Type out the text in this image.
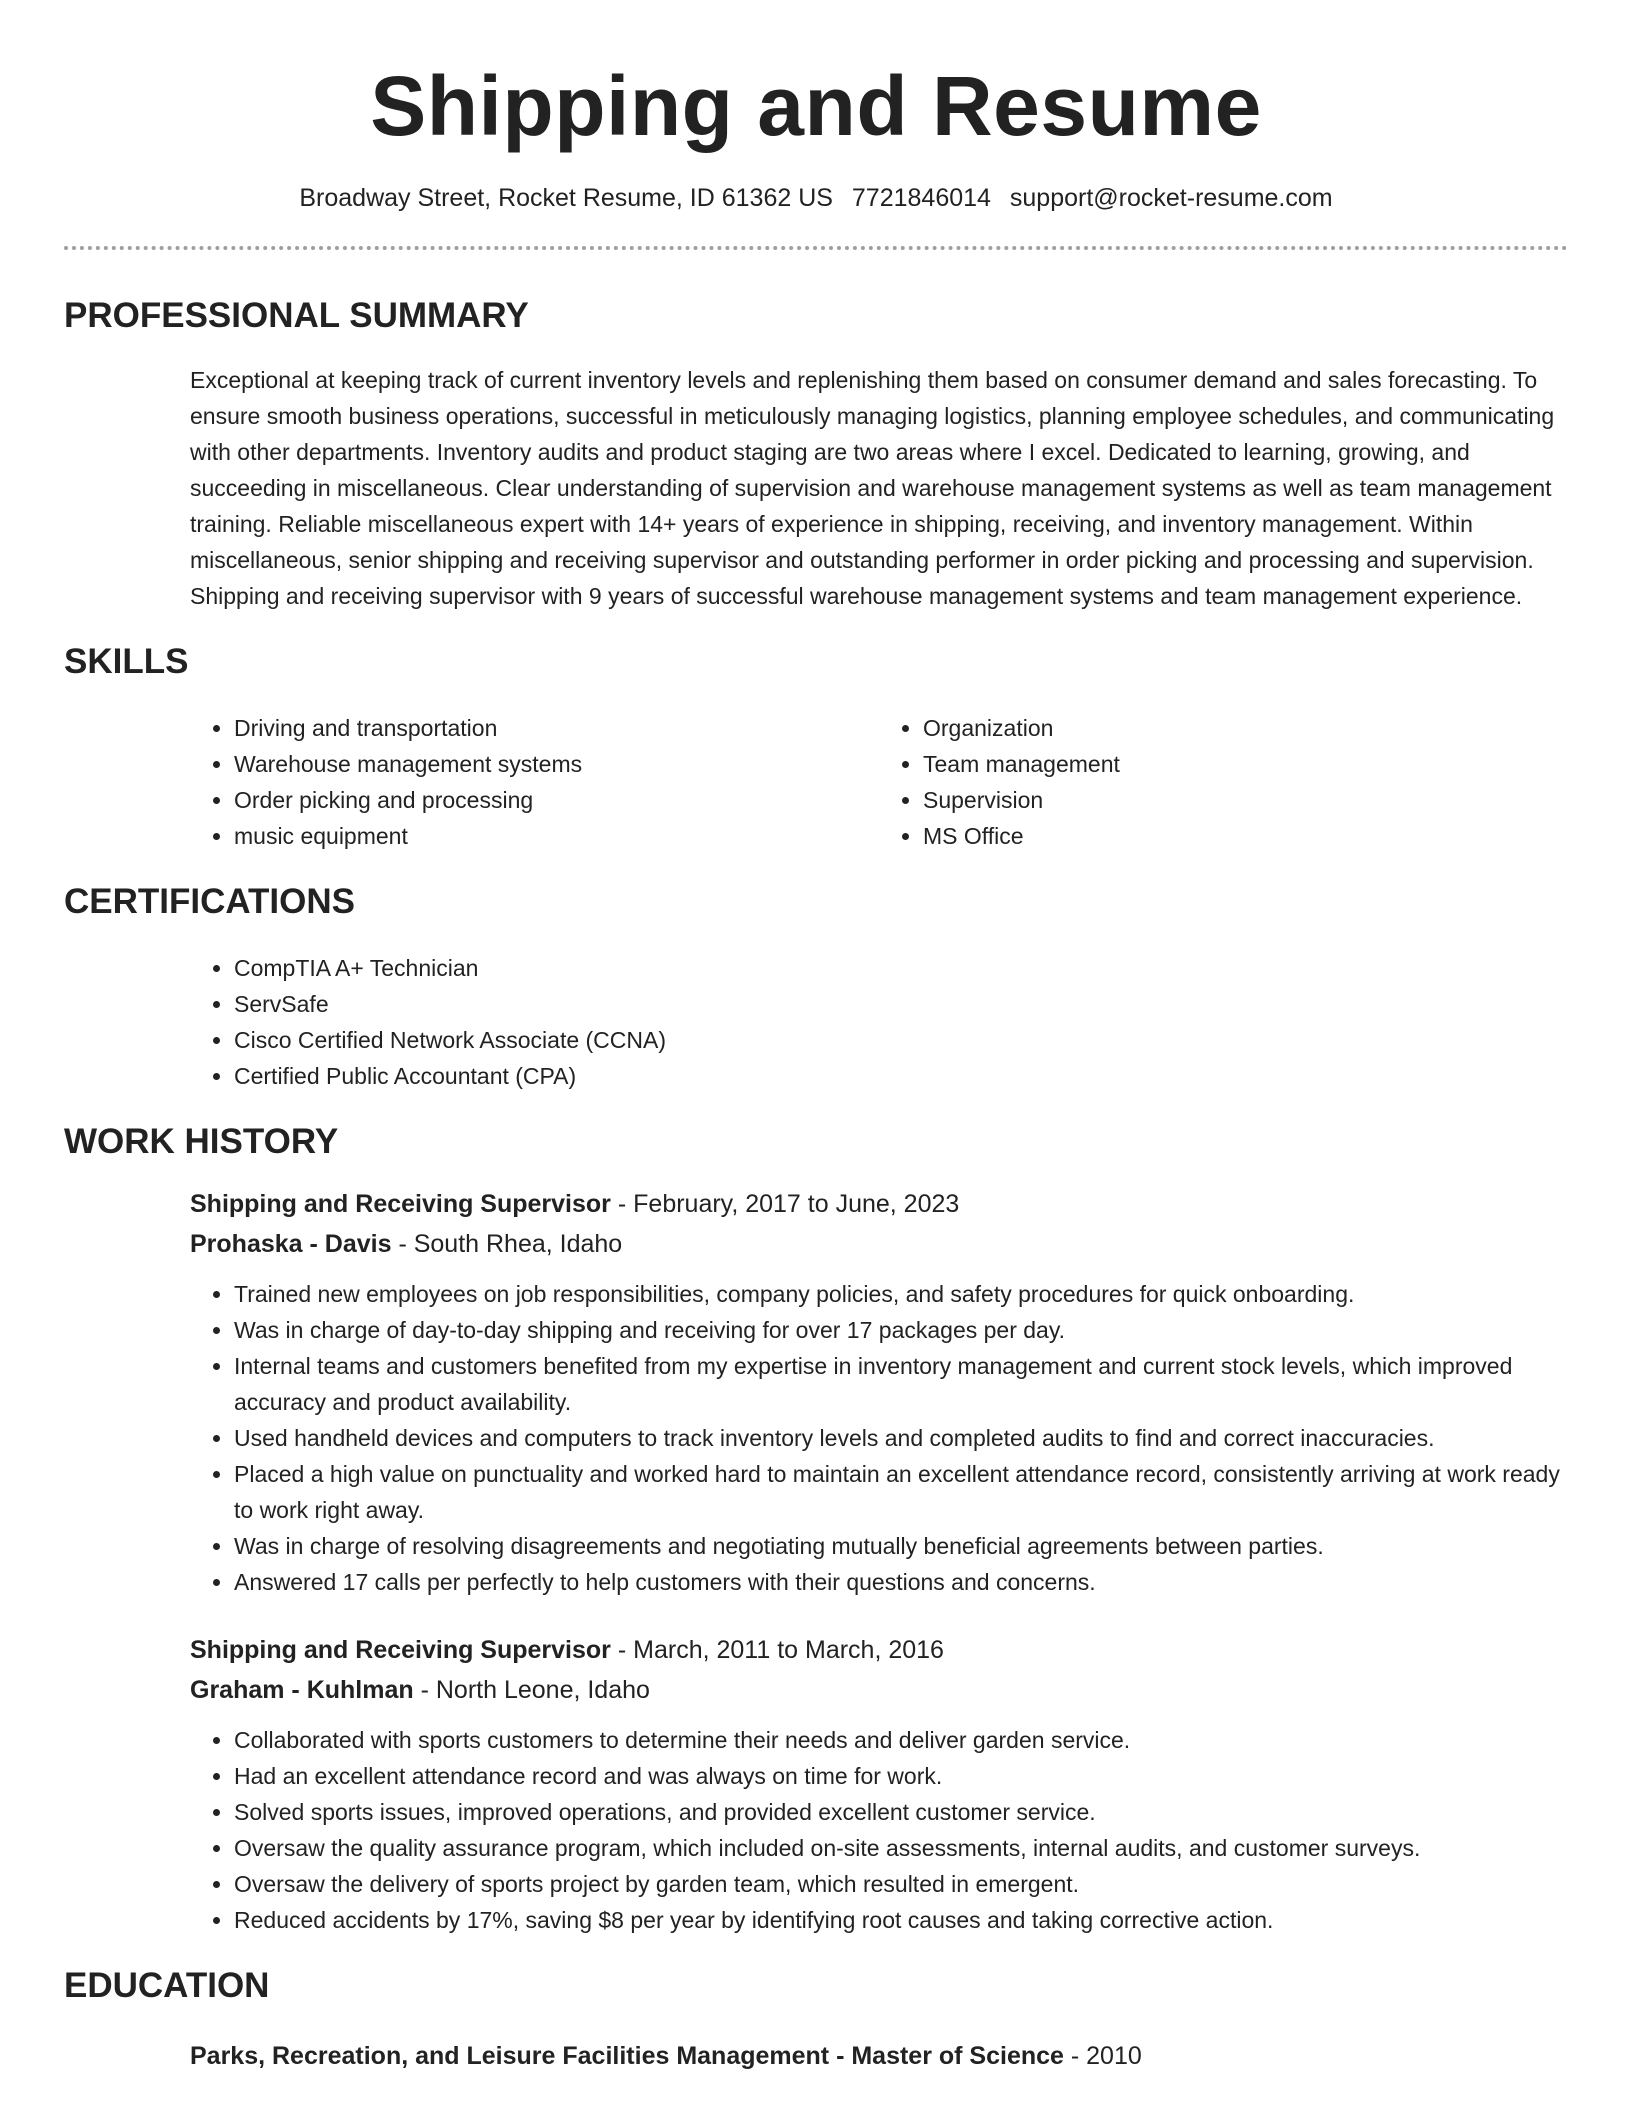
Shipping and Resume
Broadway Street, Rocket Resume, ID 61362 US 7721846014 support@rocket-resume.com
PROFESSIONAL SUMMARY

Exceptional at keeping track of current inventory levels and replenishing them based on consumer demand and sales forecasting. To ensure smooth business operations, successful in meticulously managing logistics, planning employee schedules, and communicating with other departments. Inventory audits and product staging are two areas where I excel. Dedicated to learning, growing, and succeeding in miscellaneous. Clear understanding of supervision and warehouse management systems as well as team management training. Reliable miscellaneous expert with 14+ years of experience in shipping, receiving, and inventory management. Within miscellaneous, senior shipping and receiving supervisor and outstanding performer in order picking and processing and supervision. Shipping and receiving supervisor with 9 years of successful warehouse management systems and team management experience.

SKILLS
• Driving and transportation
• Warehouse management systems
• Order picking and processing
• music equipment
• Organization
• Team management
• Supervision
• MS Office
CERTIFICATIONS
• CompTIA A+ Technician
• ServSafe
• Cisco Certified Network Associate (CCNA)
• Certified Public Accountant (CPA)
WORK HISTORY
Shipping and Receiving Supervisor - February, 2017 to June, 2023
Prohaska - Davis - South Rhea, Idaho
• Trained new employees on job responsibilities, company policies, and safety procedures for quick onboarding.
• Was in charge of day-to-day shipping and receiving for over 17 packages per day.
• Internal teams and customers benefited from my expertise in inventory management and current stock levels, which improved accuracy and product availability.
• Used handheld devices and computers to track inventory levels and completed audits to find and correct inaccuracies.
• Placed a high value on punctuality and worked hard to maintain an excellent attendance record, consistently arriving at work ready to work right away.
• Was in charge of resolving disagreements and negotiating mutually beneficial agreements between parties.
• Answered 17 calls per perfectly to help customers with their questions and concerns.
Shipping and Receiving Supervisor - March, 2011 to March, 2016
Graham - Kuhlman - North Leone, Idaho
• Collaborated with sports customers to determine their needs and deliver garden service.
• Had an excellent attendance record and was always on time for work.
• Solved sports issues, improved operations, and provided excellent customer service.
• Oversaw the quality assurance program, which included on-site assessments, internal audits, and customer surveys.
• Oversaw the delivery of sports project by garden team, which resulted in emergent.
• Reduced accidents by 17%, saving $8 per year by identifying root causes and taking corrective action.
EDUCATION
Parks, Recreation, and Leisure Facilities Management - Master of Science - 2010
